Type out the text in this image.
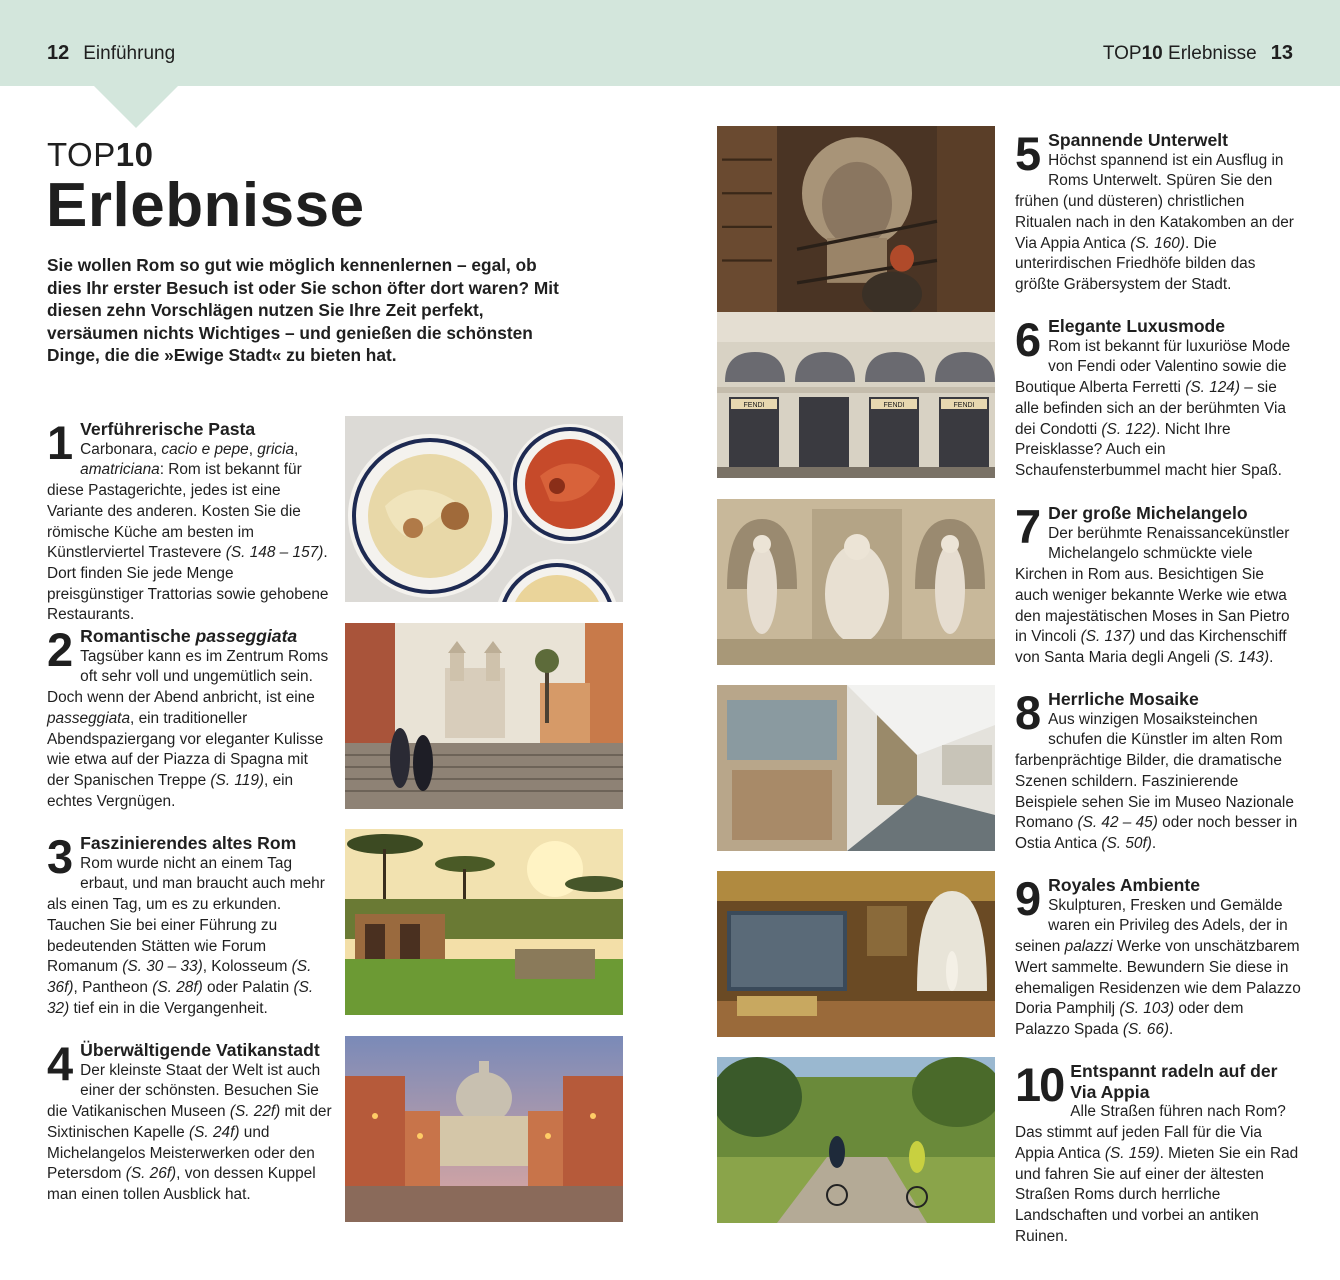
12 Einführung	TOP10 Erlebnisse 13
TOP10
Erlebnisse
Sie wollen Rom so gut wie möglich kennenlernen – egal, ob dies Ihr erster Besuch ist oder Sie schon öfter dort waren? Mit diesen zehn Vorschlägen nutzen Sie Ihre Zeit perfekt, versäumen nichts Wichtiges – und genießen die schönsten Dinge, die die »Ewige Stadt« zu bieten hat.
1 Verführerische Pasta
Carbonara, cacio e pepe, gricia, amatriciana: Rom ist bekannt für diese Pastagerichte, jedes ist eine Variante des anderen. Kosten Sie die römische Küche am besten im Künstlerviertel Trastevere (S. 148 – 157). Dort finden Sie jede Menge preisgünstiger Trattorias sowie gehobene Restaurants.
2 Romantische passeggiata
Tagsüber kann es im Zentrum Roms oft sehr voll und ungemütlich sein. Doch wenn der Abend anbricht, ist eine passeggiata, ein traditioneller Abendspaziergang vor eleganter Kulisse wie etwa auf der Piazza di Spagna mit der Spanischen Treppe (S. 119), ein echtes Vergnügen.
3 Faszinierendes altes Rom
Rom wurde nicht an einem Tag erbaut, und man braucht auch mehr als einen Tag, um es zu erkunden. Tauchen Sie bei einer Führung zu bedeutenden Stätten wie Forum Romanum (S. 30 – 33), Kolosseum (S. 36f), Pantheon (S. 28f) oder Palatin (S. 32) tief ein in die Vergangenheit.
4 Überwältigende Vatikanstadt
Der kleinste Staat der Welt ist auch einer der schönsten. Besuchen Sie die Vatikanischen Museen (S. 22f) mit der Sixtinischen Kapelle (S. 24f) und Michelangelos Meisterwerken oder den Petersdom (S. 26f), von dessen Kuppel man einen tollen Ausblick hat.
5 Spannende Unterwelt
Höchst spannend ist ein Ausflug in Roms Unterwelt. Spüren Sie den frühen (und düsteren) christlichen Ritualen nach in den Katakomben an der Via Appia Antica (S. 160). Die unterirdischen Friedhöfe bilden das größte Gräbersystem der Stadt.
FENDI	FENDI	FENDI
6 Elegante Luxusmode
Rom ist bekannt für luxuriöse Mode von Fendi oder Valentino sowie die Boutique Alberta Ferretti (S. 124) – sie alle befinden sich an der berühmten Via dei Condotti (S. 122). Nicht Ihre Preisklasse? Auch ein Schaufensterbummel macht hier Spaß.
7 Der große Michelangelo
Der berühmte Renaissancekünstler Michelangelo schmückte viele Kirchen in Rom aus. Besichtigen Sie auch weniger bekannte Werke wie etwa den majestätischen Moses in San Pietro in Vincoli (S. 137) und das Kirchenschiff von Santa Maria degli Angeli (S. 143).
8 Herrliche Mosaike
Aus winzigen Mosaiksteinchen schufen die Künstler im alten Rom farbenprächtige Bilder, die dramatische Szenen schildern. Faszinierende Beispiele sehen Sie im Museo Nazionale Romano (S. 42 – 45) oder noch besser in Ostia Antica (S. 50f).
9 Royales Ambiente
Skulpturen, Fresken und Gemälde waren ein Privileg des Adels, der in seinen palazzi Werke von unschätzbarem Wert sammelte. Bewundern Sie diese in ehemaligen Residenzen wie dem Palazzo Doria Pamphilj (S. 103) oder dem Palazzo Spada (S. 66).
10 Entspannt radeln auf der Via Appia
Alle Straßen führen nach Rom? Das stimmt auf jeden Fall für die Via Appia Antica (S. 159). Mieten Sie ein Rad und fahren Sie auf einer der ältesten Straßen Roms durch herrliche Landschaften und vorbei an antiken Ruinen.
